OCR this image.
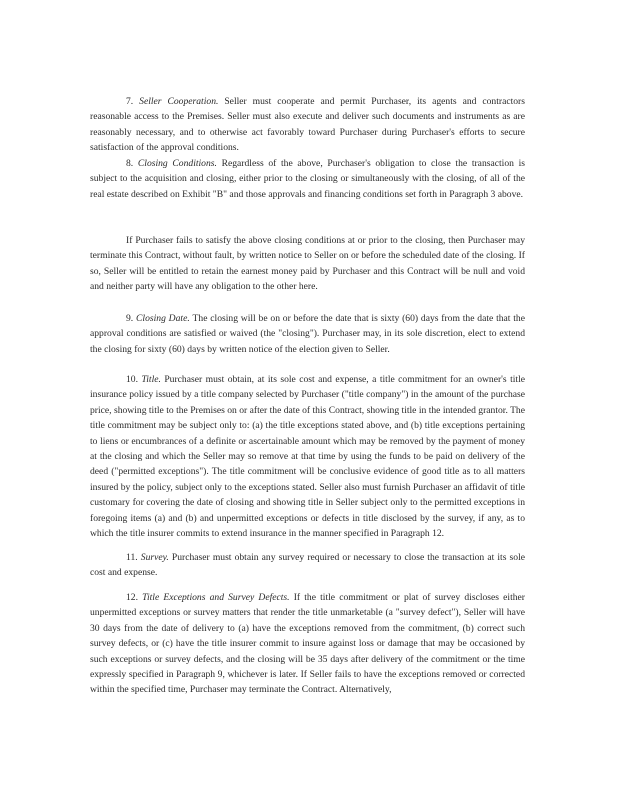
7. Seller Cooperation. Seller must cooperate and permit Purchaser, its agents and contractors reasonable access to the Premises. Seller must also execute and deliver such documents and instruments as are reasonably necessary, and to otherwise act favorably toward Purchaser during Purchaser's efforts to secure satisfaction of the approval conditions.

8. Closing Conditions. Regardless of the above, Purchaser's obligation to close the transaction is subject to the acquisition and closing, either prior to the closing or simultaneously with the closing, of all of the real estate described on Exhibit "B" and those approvals and financing conditions set forth in Paragraph 3 above.

If Purchaser fails to satisfy the above closing conditions at or prior to the closing, then Purchaser may terminate this Contract, without fault, by written notice to Seller on or before the scheduled date of the closing. If so, Seller will be entitled to retain the earnest money paid by Purchaser and this Contract will be null and void and neither party will have any obligation to the other here.

9. Closing Date. The closing will be on or before the date that is sixty (60) days from the date that the approval conditions are satisfied or waived (the "closing"). Purchaser may, in its sole discretion, elect to extend the closing for sixty (60) days by written notice of the election given to Seller.

10. Title. Purchaser must obtain, at its sole cost and expense, a title commitment for an owner's title insurance policy issued by a title company selected by Purchaser ("title company") in the amount of the purchase price, showing title to the Premises on or after the date of this Contract, showing title in the intended grantor. The title commitment may be subject only to: (a) the title exceptions stated above, and (b) title exceptions pertaining to liens or encumbrances of a definite or ascertainable amount which may be removed by the payment of money at the closing and which the Seller may so remove at that time by using the funds to be paid on delivery of the deed ("permitted exceptions"). The title commitment will be conclusive evidence of good title as to all matters insured by the policy, subject only to the exceptions stated. Seller also must furnish Purchaser an affidavit of title customary for covering the date of closing and showing title in Seller subject only to the permitted exceptions in foregoing items (a) and (b) and unpermitted exceptions or defects in title disclosed by the survey, if any, as to which the title insurer commits to extend insurance in the manner specified in Paragraph 12.

11. Survey. Purchaser must obtain any survey required or necessary to close the transaction at its sole cost and expense.

12. Title Exceptions and Survey Defects. If the title commitment or plat of survey discloses either unpermitted exceptions or survey matters that render the title unmarketable (a "survey defect"), Seller will have 30 days from the date of delivery to (a) have the exceptions removed from the commitment, (b) correct such survey defects, or (c) have the title insurer commit to insure against loss or damage that may be occasioned by such exceptions or survey defects, and the closing will be 35 days after delivery of the commitment or the time expressly specified in Paragraph 9, whichever is later. If Seller fails to have the exceptions removed or corrected within the specified time, Purchaser may terminate the Contract. Alternatively,
